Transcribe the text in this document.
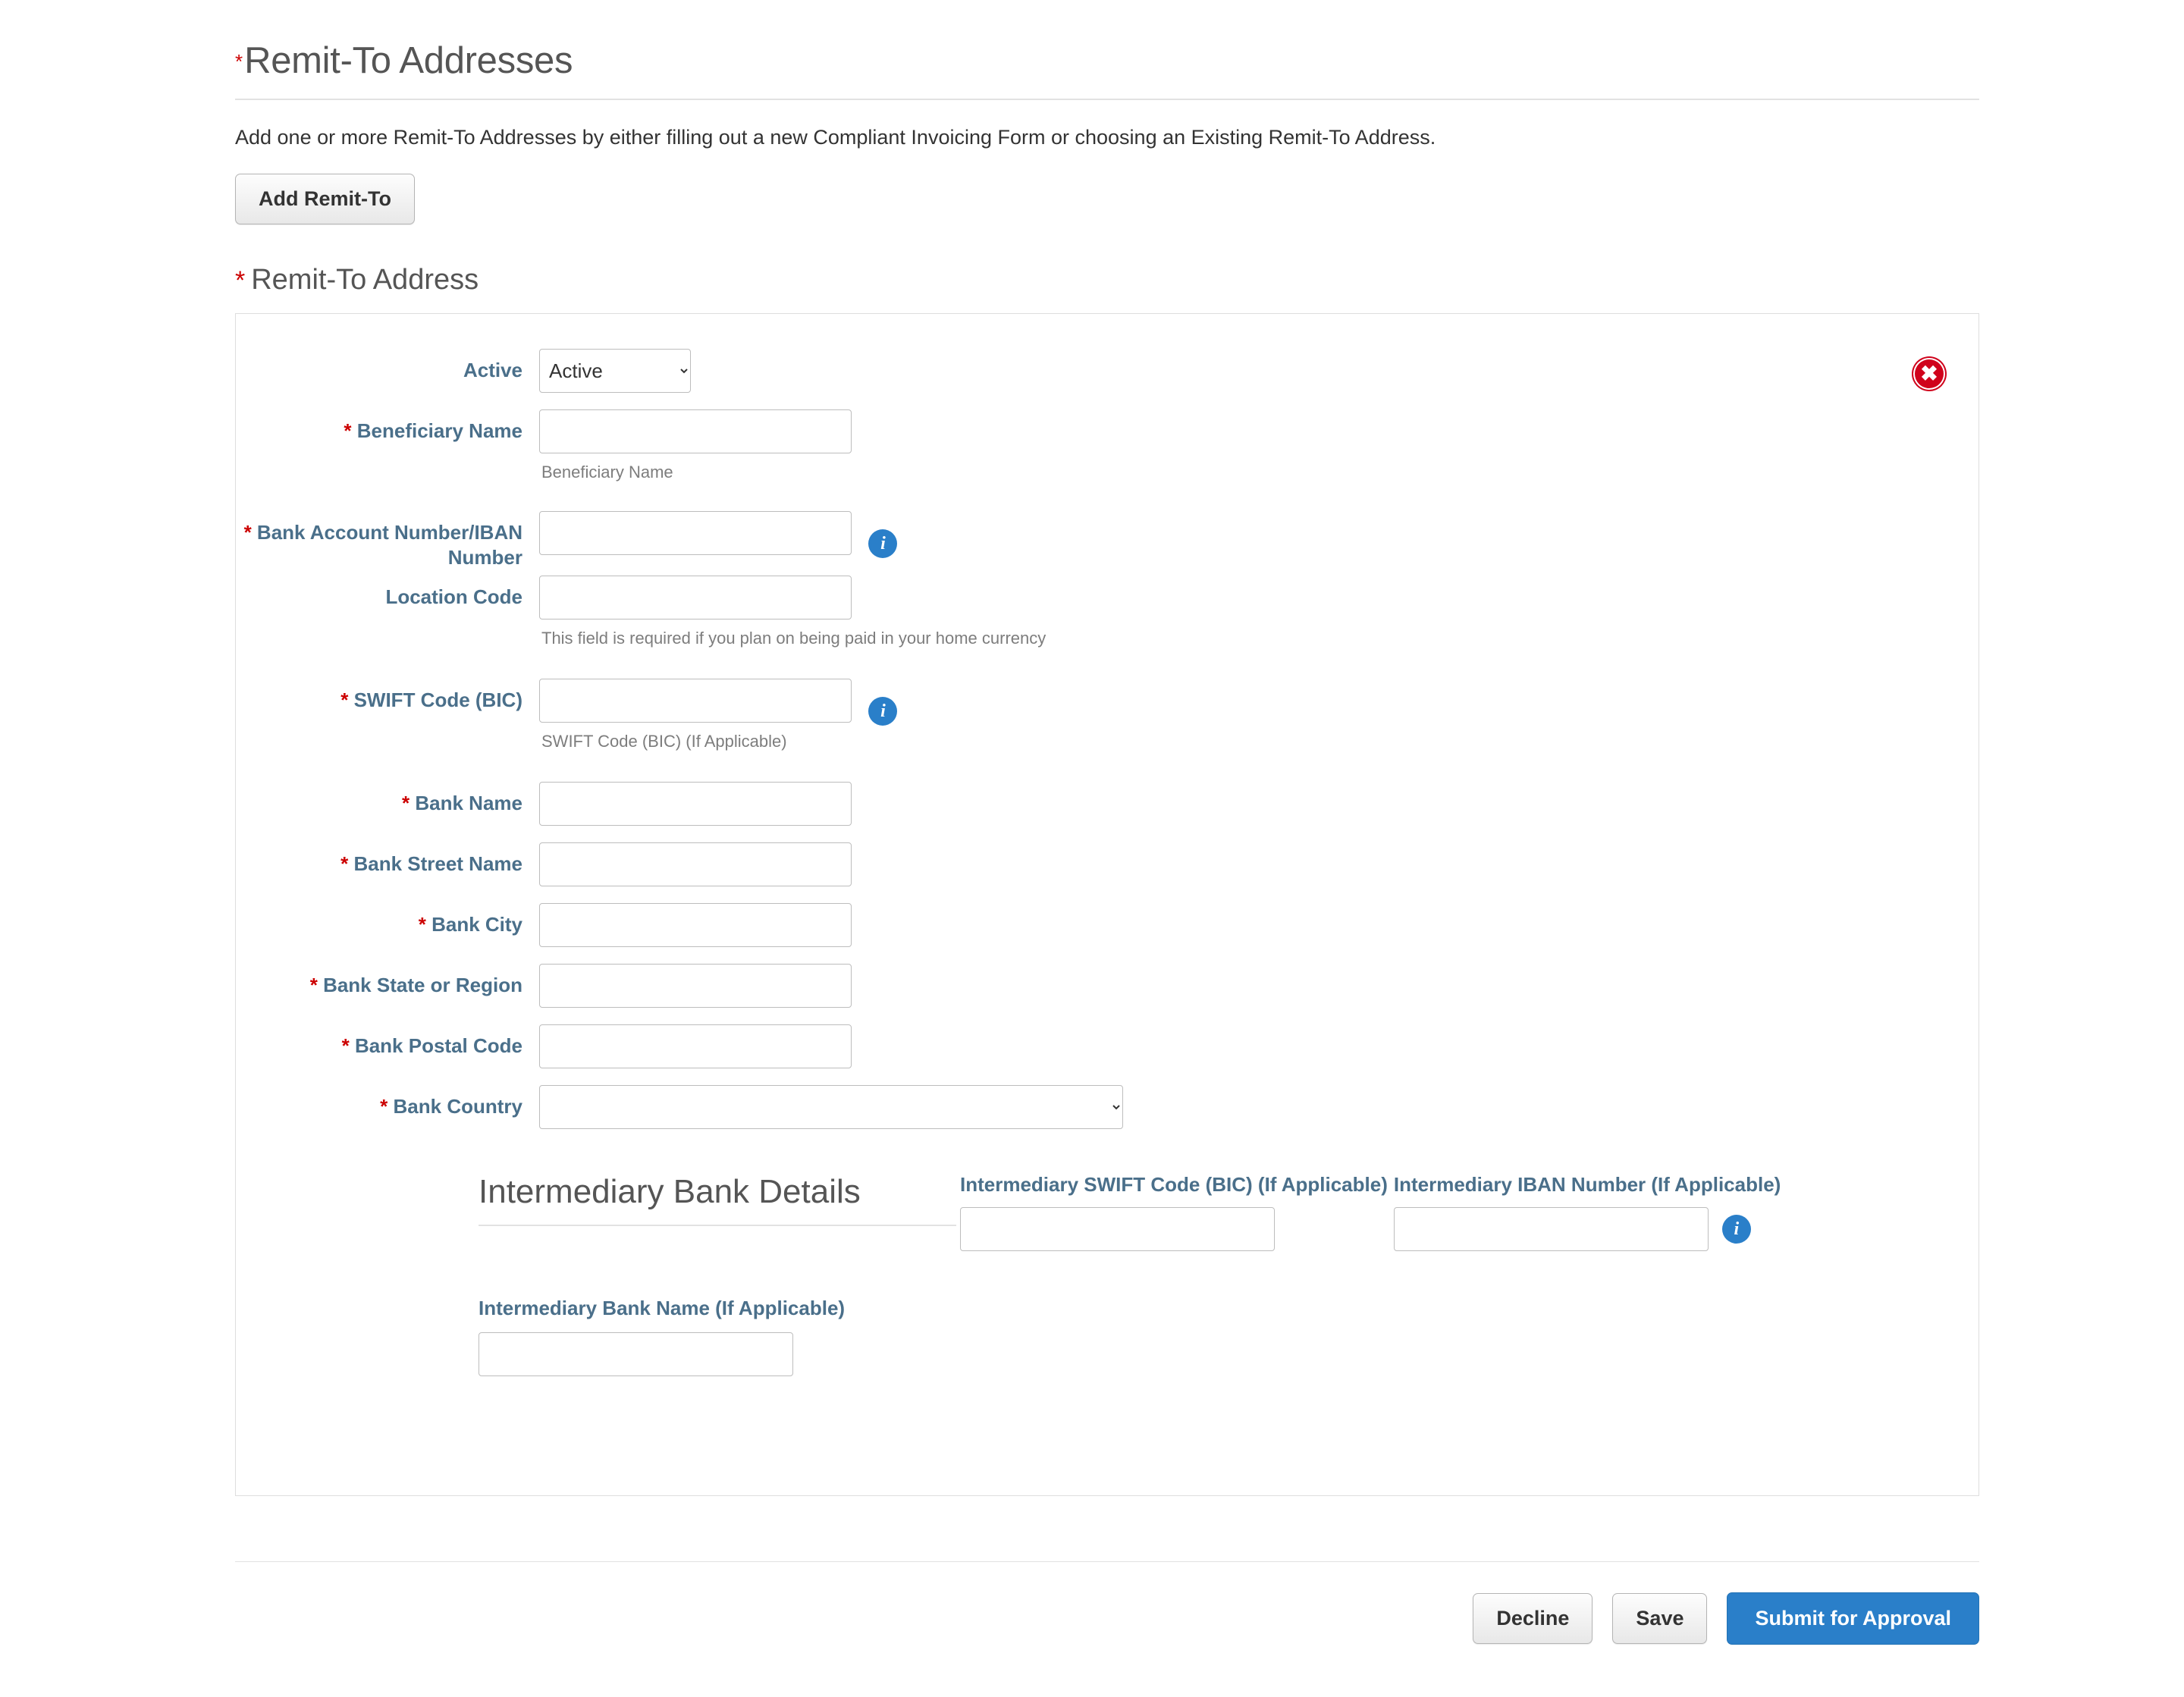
* Remit-To Addresses
Add one or more Remit-To Addresses by either filling out a new Compliant Invoicing Form or choosing an Existing Remit-To Address.
Add Remit-To
* Remit-To Address
✖
Active
Active
* Beneficiary Name
Beneficiary Name
* Bank Account Number/IBAN Number
i
Location Code
This field is required if you plan on being paid in your home currency
* SWIFT Code (BIC)
i
SWIFT Code (BIC) (If Applicable)
* Bank Name
* Bank Street Name
* Bank City
* Bank State or Region
* Bank Postal Code
* Bank Country
Intermediary Bank Details	Intermediary SWIFT Code (BIC) (If Applicable) Intermediary IBAN Number (If Applicable)
i
Intermediary Bank Name (If Applicable)
Decline	Save	Submit for Approval
